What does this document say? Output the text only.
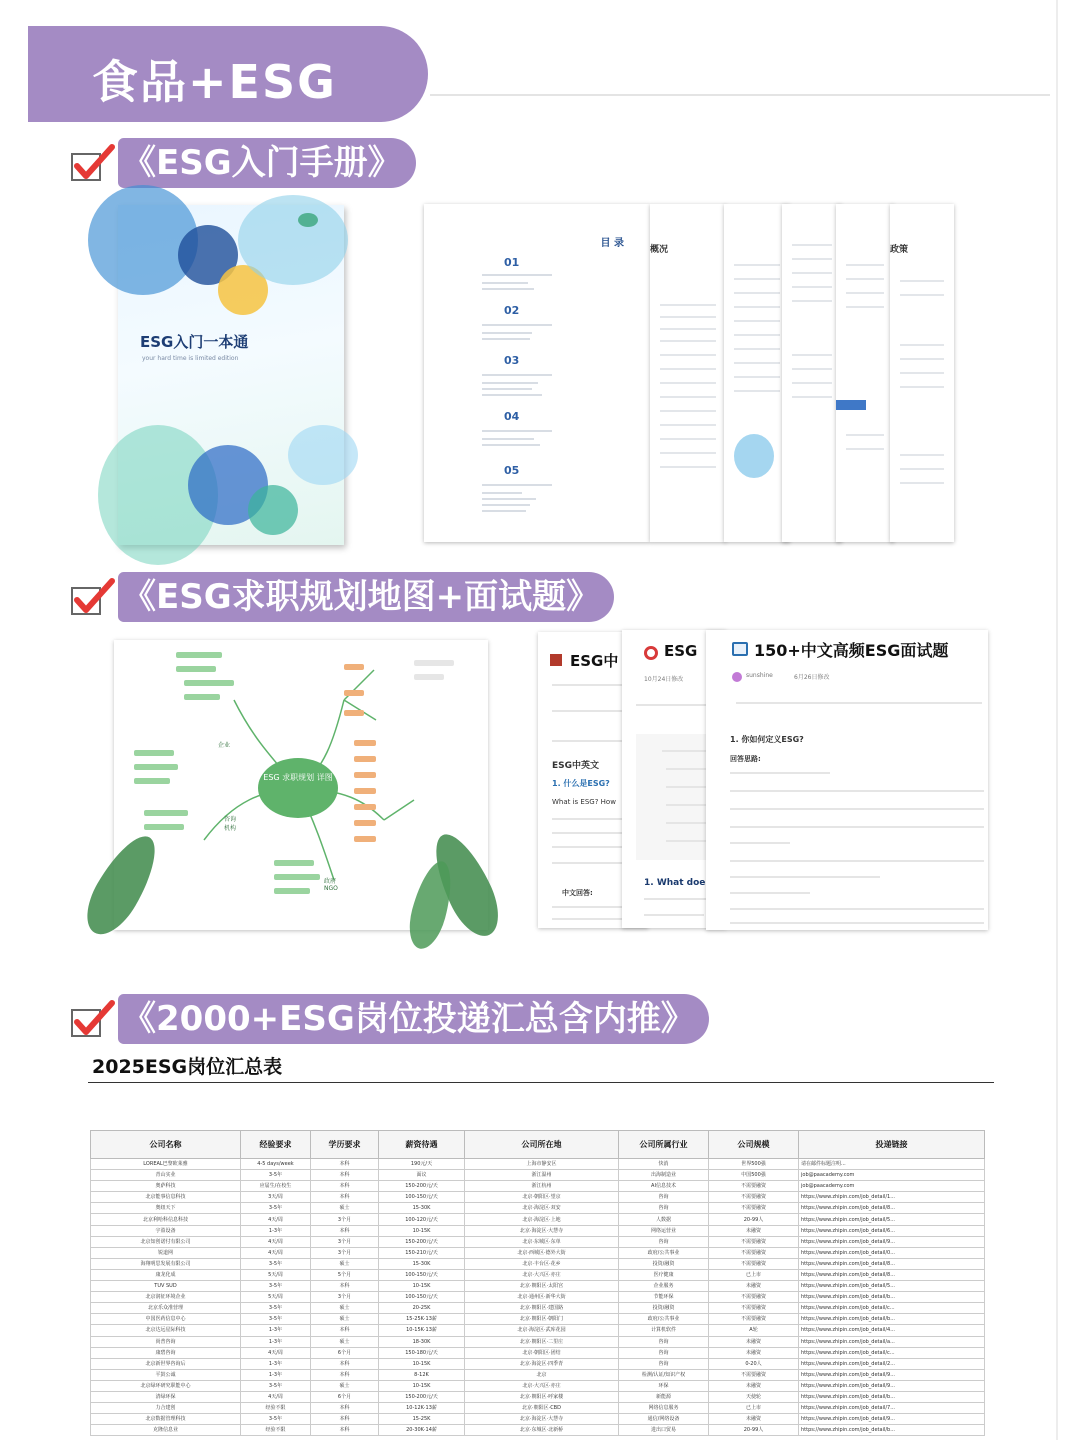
食品+ESG
《ESG入门手册》
ESG入门一本通
your hard time is limited edition
目 录
01
02
03
04
05
概况	政策
《ESG求职规划地图+面试题》
ESG 求职规划 详图
企业
咨询 机构
政府 NGO
ESG中
ESG中英文
1. 什么是ESG?
What is ESG? How
中文回答:
ESG
10月24日修改
1. What doe
150+中文高频ESG面试题
sunshine	6月26日修改
1. 你如何定义ESG?
回答思路:
《2000+ESG岗位投递汇总含内推》
2025ESG岗位汇总表
公司名称	经验要求	学历要求	薪资待遇	公司所在地	公司所属行业	公司规模	投递链接
LOREAL巴黎欧莱雅	4-5 days/week	本科	190元/天	上海市静安区	快消	世界500强	请在邮件标题注明...
青山实业	3-5年	本科	面议	浙江温州	出海制造业	中国500强	job@paacademy.com
奥萨科技	应届生/在校生	本科	150-200元/天	浙江杭州	AI信息技术	不需要融资	job@paacademy.com
北京能事信息科技	3天/周	本科	100-150元/天	北京·朝阳区·望京	咨询	不需要融资	https://www.zhipin.com/job_detail/1...
奥纽天下	3-5年	硕士	15-30K	北京·海淀区·双安	咨询	不需要融资	https://www.zhipin.com/job_detail/8...
北京利哈科信息科技	4天/周	3个月	100-120元/天	北京·海淀区·上地	人数据	20-99人	https://www.zhipin.com/job_detail/5...
宇盈设备	1-3年	本科	10-15K	北京·海淀区·大慧寺	网络运营业	未融资	https://www.zhipin.com/job_detail/6...
北京知创诺付有限公司	4天/周	3个月	150-200元/天	北京·东城区·东单	咨询	不需要融资	https://www.zhipin.com/job_detail/9...
锐道网	4天/周	3个月	150-210元/天	北京·西城区·德外大街	政府/公共事业	不需要融资	https://www.zhipin.com/job_detail/0...
海翔明思发展有限公司	3-5年	硕士	15-30K	北京·丰台区·花乡	投资/融资	不需要融资	https://www.zhipin.com/job_detail/8...
康龙化成	5天/周	5个月	100-150元/天	北京·大兴区·亦庄	医疗健康	已上市	https://www.zhipin.com/job_detail/8...
TUV SUD	3-5年	本科	10-15K	北京·朝阳区·太阳宫	企业服务	未融资	https://www.zhipin.com/job_detail/5...
北京润征环境企业	5天/周	3个月	100-150元/天	北京·通州区·新华大街	节能环保	不需要融资	https://www.zhipin.com/job_detail/b...
北京乐众准营理	3-5年	硕士	20-25K	北京·朝阳区·建国路	投资/融资	不需要融资	https://www.zhipin.com/job_detail/c...
中国医药信息中心	3-5年	硕士	15-25K·13薪	北京·朝阳区·朝阳门	政府/公共事业	不需要融资	https://www.zhipin.com/job_detail/b...
北京达远星际科技	1-3年	本科	10-15K·13薪	北京·海淀区·武库花园	计算机软件	A轮	https://www.zhipin.com/job_detail/4...
尚普咨询	1-3年	硕士	18-30K	北京·朝阳区·二里庄	咨询	未融资	https://www.zhipin.com/job_detail/a...
康碧咨询	4天/周	6个月	150-180元/天	北京·朝阳区·团结	咨询	未融资	https://www.zhipin.com/job_detail/c...
北京新世界咨询后	1-3年	本科	10-15K	北京·海淀区·四季青	咨询	0-20人	https://www.zhipin.com/job_detail/2...
平鼓公诚	1-3年	本科	8-12K	北京	检测/认证/知识产权	不需要融资	https://www.zhipin.com/job_detail/9...
北京绿环研究职能中心	3-5年	硕士	10-15K	北京·大兴区·亦庄	环保	未融资	https://www.zhipin.com/job_detail/9...
清绿环保	4天/周	6个月	150-200元/天	北京·朝阳区·呼家楼	新能源	天使轮	https://www.zhipin.com/job_detail/b...
力合建创	经验不限	本科	10-12K·13薪	北京·朝阳区·CBD	网络信息服务	已上市	https://www.zhipin.com/job_detail/7...
北京数据管理科技	3-5年	本科	15-25K	北京·海淀区·大慧寺	通信/网络设备	未融资	https://www.zhipin.com/job_detail/9...
克隆信息业	经验不限	本科	20-30K·14薪	北京·东城区·北新桥	进出口贸易	20-99人	https://www.zhipin.com/job_detail/b...
